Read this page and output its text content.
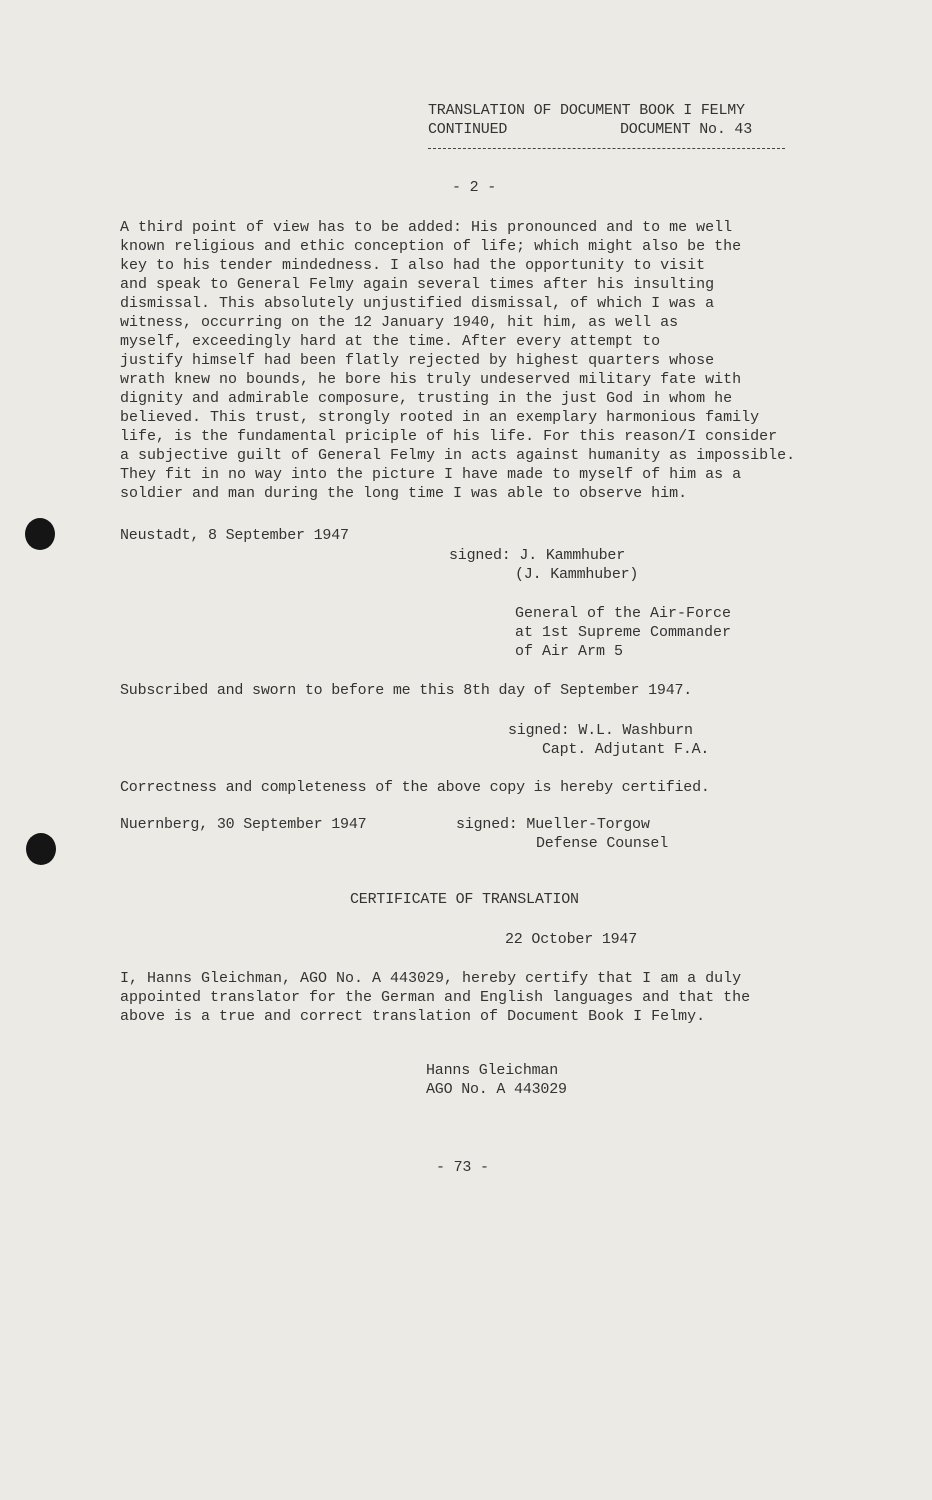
TRANSLATION OF DOCUMENT BOOK I FELMY
CONTINUED	DOCUMENT No. 43
- 2 -
A third point of view has to be added: His pronounced and to me well
known religious and ethic conception of life; which might also be the
key to his tender mindedness. I also had the opportunity to visit
and speak to General Felmy again several times after his insulting
dismissal. This absolutely unjustified dismissal, of which I was a
witness, occurring on the 12 January 1940, hit him, as well as
myself, exceedingly hard at the time. After every attempt to
justify himself had been flatly rejected by highest quarters whose
wrath knew no bounds, he bore his truly undeserved military fate with
dignity and admirable composure, trusting in the just God in whom he
believed. This trust, strongly rooted in an exemplary harmonious family
life, is the fundamental priciple of his life. For this reason/I consider
a subjective guilt of General Felmy in acts against humanity as impossible.
They fit in no way into the picture I have made to myself of him as a
soldier and man during the long time I was able to observe him.
Neustadt, 8 September 1947
signed: J. Kammhuber
(J. Kammhuber)
General of the Air-Force
at 1st Supreme Commander
of Air Arm 5
Subscribed and sworn to before me this 8th day of September 1947.
signed: W.L. Washburn
Capt. Adjutant F.A.
Correctness and completeness of the above copy is hereby certified.
Nuernberg, 30 September 1947	signed: Mueller-Torgow
Defense Counsel
CERTIFICATE OF TRANSLATION
22 October 1947
I, Hanns Gleichman, AGO No. A 443029, hereby certify that I am a duly
appointed translator for the German and English languages and that the
above is a true and correct translation of Document Book I Felmy.
Hanns Gleichman
AGO No. A 443029
- 73 -
